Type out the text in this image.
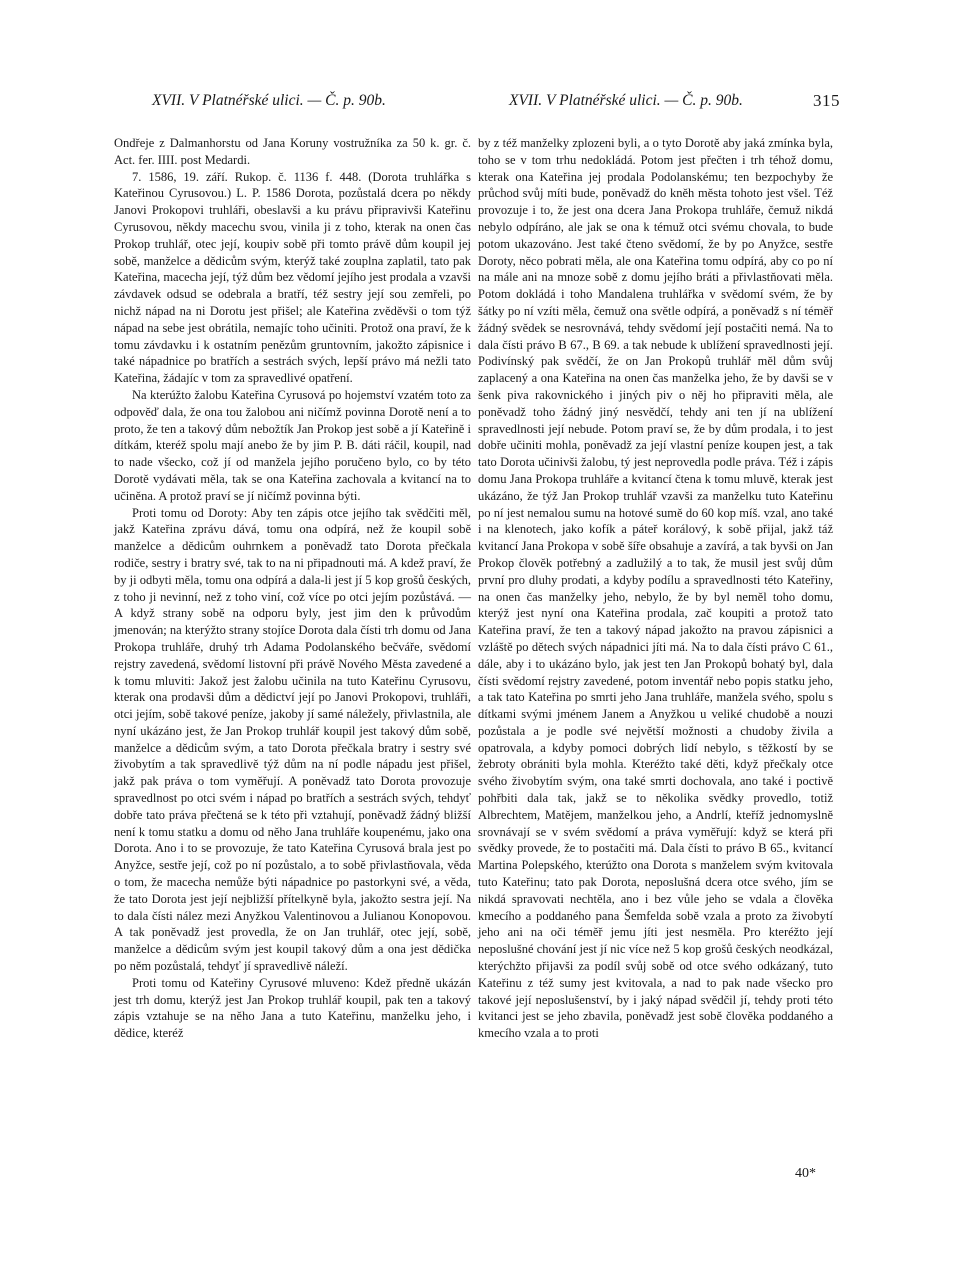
XVII. V Platnéřské ulici. — Č. p. 90b.	XVII. V Platnéřské ulici. — Č. p. 90b.	315

Ondřeje z Dalmanhorstu od Jana Koruny vostružníka za 50 k. gr. č. Act. fer. IIII. post Medardi.

7. 1586, 19. září. Rukop. č. 1136 f. 448. (Dorota truhlářka s Kateřinou Cyrusovou.) L. P. 1586 Dorota, pozůstalá dcera po někdy Janovi Prokopovi truhláři, obeslavši a ku právu připravivši Kateřinu Cyrusovou, někdy macechu svou, vinila ji z toho, kterak na onen čas Prokop truhlář, otec její, koupiv sobě při tomto právě dům koupil jej sobě, manželce a dědicům svým, kterýž také zouplna zaplatil, tato pak Kateřina, macecha její, týž dům bez vědomí jejího jest prodala a vzavši závdavek odsud se odebrala a bratří, též sestry její sou zemřeli, po nichž nápad na ni Dorotu jest přišel; ale Kateřina zvěděvši o tom týž nápad na sebe jest obrátila, nemajíc toho učiniti. Protož ona praví, že k tomu závdavku i k ostatním penězům gruntovním, jakožto zápisnice i také nápadnice po bratřích a sestrách svých, lepší právo má nežli tato Kateřina, žádajíc v tom za spravedlivé opatření.

Na kterúžto žalobu Kateřina Cyrusová po hojemství vzatém toto za odpověď dala, že ona tou žalobou ani ničímž povinna Dorotě není a to proto, že ten a takový dům nebožtík Jan Prokop jest sobě a jí Kateřině i dítkám, kteréž spolu mají anebo že by jim P. B. dáti ráčil, koupil, nad to nade všecko, což jí od manžela jejího poručeno bylo, co by této Dorotě vydávati měla, tak se ona Kateřina zachovala a kvitancí na to učiněna. A protož praví se jí ničímž povinna býti.

Proti tomu od Doroty: Aby ten zápis otce jejího tak svědčiti měl, jakž Kateřina zprávu dává, tomu ona odpírá, než že koupil sobě manželce a dědicům ouhrnkem a poněvadž tato Dorota přečkala rodiče, sestry i bratry své, tak to na ni připadnouti má. A kdež praví, že by ji odbyti měla, tomu ona odpírá a dala-li jest jí 5 kop grošů českých, z toho ji nevinní, než z toho viní, což více po otci jejím pozůstává. — A když strany sobě na odporu byly, jest jim den k průvodům jmenován; na kterýžto strany stojíce Dorota dala čísti trh domu od Jana Prokopa truhláře, druhý trh Adama Podolanského bečváře, svědomí rejstry zavedená, svědomí listovní při právě Nového Města zavedené a k tomu mluviti: Jakož jest žalobu učinila na tuto Kateřinu Cyrusovu, kterak ona prodavši dům a dědictví její po Janovi Prokopovi, truhláři, otci jejím, sobě takové peníze, jakoby jí samé náležely, přivlastnila, ale nyní ukázáno jest, že Jan Prokop truhlář koupil jest takový dům sobě, manželce a dědicům svým, a tato Dorota přečkala bratry i sestry své živobytím a tak spravedlivě týž dům na ní podle nápadu jest přišel, jakž pak práva o tom vyměřují. A poněvadž tato Dorota provozuje spravedlnost po otci svém i nápad po bratřích a sestrách svých, tehdyť dobře tato práva přečtená se k této při vztahují, poněvadž žádný bližší není k tomu statku a domu od něho Jana truhláře koupenému, jako ona Dorota. Ano i to se provozuje, že tato Kateřina Cyrusová brala jest po Anyžce, sestře její, což po ní pozůstalo, a to sobě přivlastňovala, věda o tom, že macecha nemůže býti nápadnice po pastorkyni své, a věda, že tato Dorota jest její nejbližší přítelkyně byla, jakožto sestra její. Na to dala čísti nález mezi Anyžkou Valentinovou a Julianou Konopovou. A tak poněvadž jest provedla, že on Jan truhlář, otec její, sobě, manželce a dědicům svým jest koupil takový dům a ona jest dědička po něm pozůstalá, tehdyť jí spravedlivě náleží.

Proti tomu od Kateřiny Cyrusové mluveno: Kdež předně ukázán jest trh domu, kterýž jest Jan Prokop truhlář koupil, pak ten a takový zápis vztahuje se na něho Jana a tuto Kateřinu, manželku jeho, i dědice, kteréž

by z též manželky zplozeni byli, a o tyto Dorotě aby jaká zmínka byla, toho se v tom trhu nedokládá. Potom jest přečten i trh téhož domu, kterak ona Kateřina jej prodala Podolanskému; ten bezpochyby že průchod svůj míti bude, poněvadž do kněh města tohoto jest všel. Též provozuje i to, že jest ona dcera Jana Prokopa truhláře, čemuž nikdá nebylo odpíráno, ale jak se ona k témuž otci svému chovala, to bude potom ukazováno. Jest také čteno svědomí, že by po Anyžce, sestře Doroty, něco pobrati měla, ale ona Kateřina tomu odpírá, aby co po ní na mále ani na mnoze sobě z domu jejího bráti a přivlastňovati měla. Potom dokládá i toho Mandalena truhlářka v svědomí svém, že by šátky po ní vzíti měla, čemuž ona světle odpírá, a poněvadž s ní téměř žádný svědek se nesrovnává, tehdy svědomí její postačiti nemá. Na to dala čísti právo B 67., B 69. a tak nebude k ublížení spravedlnosti její. Podivínský pak svědčí, že on Jan Prokopů truhlář měl dům svůj zaplacený a ona Kateřina na onen čas manželka jeho, že by davši se v šenk piva rakovnického i jiných piv o něj ho připraviti měla, ale poněvadž toho žádný jiný nesvědčí, tehdy ani ten jí na ublížení spravedlnosti její nebude. Potom praví se, že by dům prodala, i to jest dobře učiniti mohla, poněvadž za její vlastní peníze koupen jest, a tak tato Dorota učinivši žalobu, tý jest neprovedla podle práva. Též i zápis domu Jana Prokopa truhláře a kvitancí čtena k tomu mluvě, kterak jest ukázáno, že týž Jan Prokop truhlář vzavši za manželku tuto Kateřinu po ní jest nemalou sumu na hotové sumě do 60 kop míš. vzal, ano také i na klenotech, jako kofík a páteř korálový, k sobě přijal, jakž táž kvitancí Jana Prokopa v sobě šíře obsahuje a zavírá, a tak byvši on Jan Prokop člověk potřebný a zadlužilý a to tak, že musil jest svůj dům první pro dluhy prodati, a kdyby podílu a spravedlnosti této Kateřiny, na onen čas manželky jeho, nebylo, že by byl neměl toho domu, kterýž jest nyní ona Kateřina prodala, zač koupiti a protož tato Kateřina praví, že ten a takový nápad jakožto na pravou zápisnici a vzláště po dětech svých nápadnici jíti má. Na to dala čísti právo C 61., dále, aby i to ukázáno bylo, jak jest ten Jan Prokopů bohatý byl, dala čísti svědomí rejstry zavedené, potom inventář nebo popis statku jeho, a tak tato Kateřina po smrti jeho Jana truhláře, manžela svého, spolu s dítkami svými jménem Janem a Anyžkou u veliké chudobě a nouzi pozůstala a je podle své největší možnosti a chudoby živila a opatrovala, a kdyby pomoci dobrých lidí nebylo, s těžkostí by se žebroty obrániti byla mohla. Kteréžto také děti, když přečkaly otce svého živobytím svým, ona také smrti dochovala, ano také i poctivě pohřbiti dala tak, jakž se to několika svědky provedlo, totiž Albrechtem, Matějem, manželkou jeho, a Andrlí, kteříž jednomyslně srovnávají se v svém svědomí a práva vyměřují: když se která při svědky provede, že to postačiti má. Dala čísti to právo B 65., kvitancí Martina Polepského, kterúžto ona Dorota s manželem svým kvitovala tuto Kateřinu; tato pak Dorota, neposlušná dcera otce svého, jím se nikdá spravovati nechtěla, ano i bez vůle jeho se vdala a člověka kmecího a poddaného pana Šemfelda sobě vzala a proto za živobytí jeho ani na oči téměř jemu jíti jest nesměla. Pro kteréžto její neposlušné chování jest jí nic více než 5 kop grošů českých neodkázal, kterýchžto přijavši za podíl svůj sobě od otce svého odkázaný, tuto Kateřinu z též sumy jest kvitovala, a nad to pak nade všecko pro takové její neposlušenství, by i jaký nápad svědčil jí, tehdy proti této kvitanci jest se jeho zbavila, poněvadž jest sobě člověka poddaného a kmecího vzala a to proti

40*
